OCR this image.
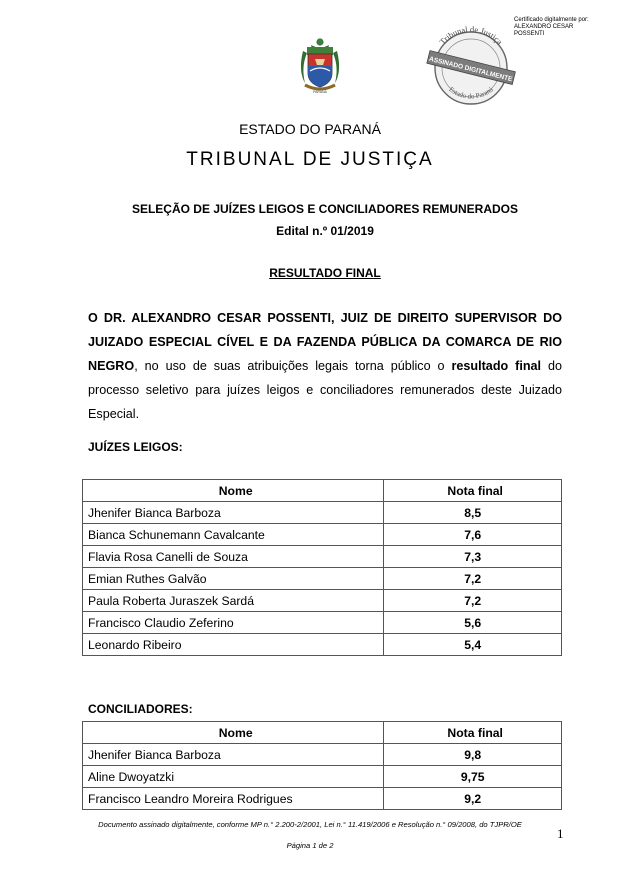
Certificado digitalmente por:
ALEXANDRO CESAR
POSSENTI
PARANÁ
Tribunal de Justiça
Estado do Paraná
ASSINADO DIGITALMENTE
ESTADO DO PARANÁ
TRIBUNAL DE JUSTIÇA
SELEÇÃO DE JUÍZES LEIGOS E CONCILIADORES REMUNERADOS
Edital n.º 01/2019
RESULTADO FINAL
O DR. ALEXANDRO CESAR POSSENTI, JUIZ DE DIREITO SUPERVISOR DO JUIZADO ESPECIAL CÍVEL E DA FAZENDA PÚBLICA DA COMARCA DE RIO NEGRO, no uso de suas atribuições legais torna público o resultado final do processo seletivo para juízes leigos e conciliadores remunerados deste Juizado Especial.
JUÍZES LEIGOS:
Nome	Nota final
Jhenifer Bianca Barboza	8,5
Bianca Schunemann Cavalcante	7,6
Flavia Rosa Canelli de Souza	7,3
Emian Ruthes Galvão	7,2
Paula Roberta Juraszek Sardá	7,2
Francisco Claudio Zeferino	5,6
Leonardo Ribeiro	5,4
CONCILIADORES:
Nome	Nota final
Jhenifer Bianca Barboza	9,8
Aline Dwoyatzki	9,75
Francisco Leandro Moreira Rodrigues	9,2
Documento assinado digitalmente, conforme MP n.° 2.200-2/2001, Lei n.° 11.419/2006 e Resolução n.° 09/2008, do TJPR/OE
1
Página 1 de 2
